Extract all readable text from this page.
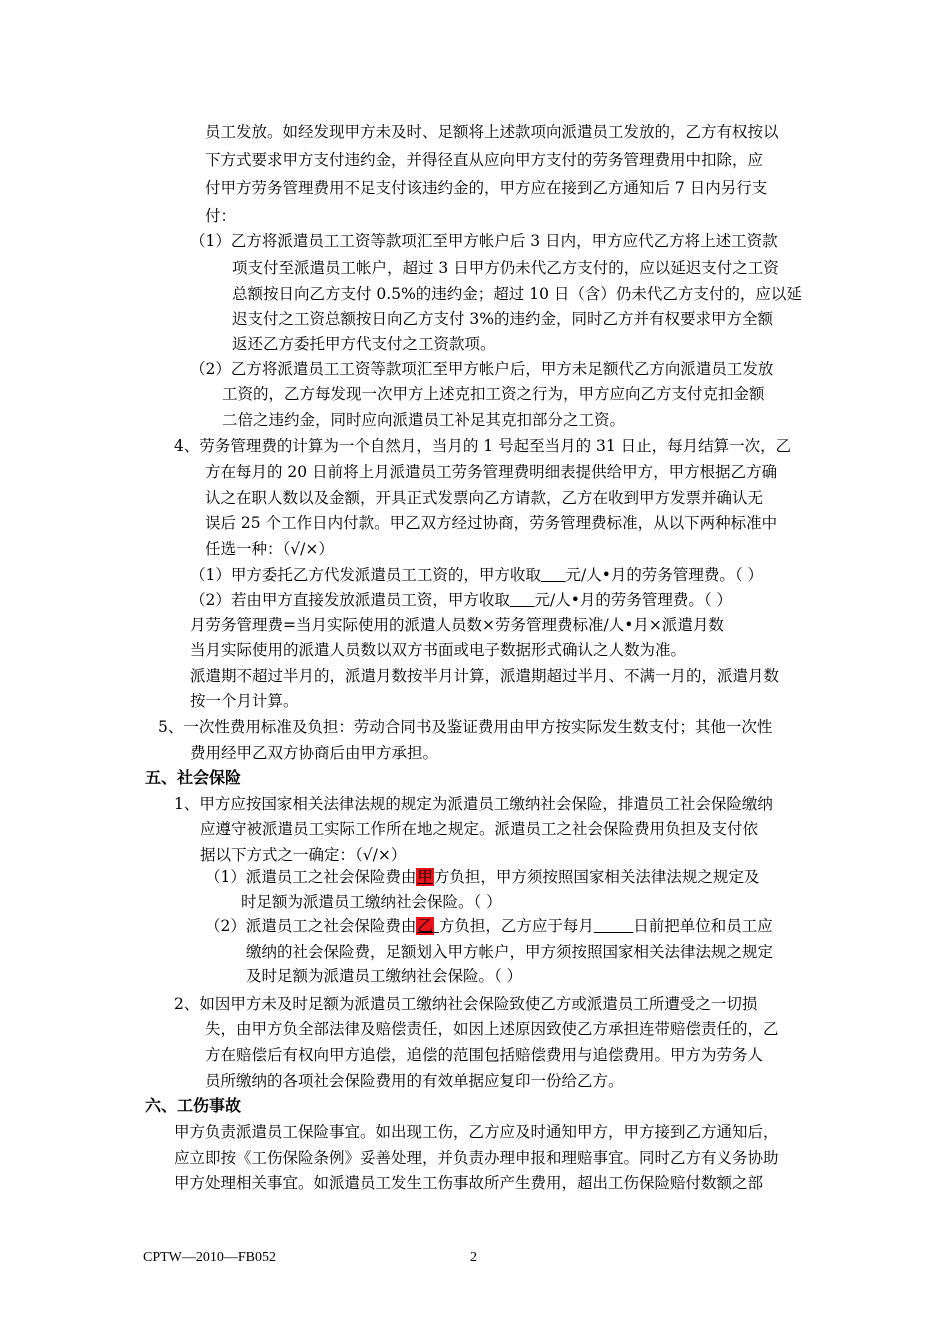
员工发放。如经发现甲方未及时、足额将上述款项向派遣员工发放的，乙方有权按以
下方式要求甲方支付违约金，并得径直从应向甲方支付的劳务管理费用中扣除，应
付甲方劳务管理费用不足支付该违约金的，甲方应在接到乙方通知后 7 日内另行支
付：
（1）乙方将派遣员工工资等款项汇至甲方帐户后 3 日内，甲方应代乙方将上述工资款
项支付至派遣员工帐户，超过 3 日甲方仍未代乙方支付的，应以延迟支付之工资
总额按日向乙方支付 0.5%的违约金；超过 10 日（含）仍未代乙方支付的，应以延
迟支付之工资总额按日向乙方支付 3%的违约金，同时乙方并有权要求甲方全额
返还乙方委托甲方代支付之工资款项。
（2）乙方将派遣员工工资等款项汇至甲方帐户后，甲方未足额代乙方向派遣员工发放
工资的，乙方每发现一次甲方上述克扣工资之行为，甲方应向乙方支付克扣金额
二倍之违约金，同时应向派遣员工补足其克扣部分之工资。
4、劳务管理费的计算为一个自然月，当月的 1 号起至当月的 31 日止，每月结算一次，乙
方在每月的 20 日前将上月派遣员工劳务管理费明细表提供给甲方，甲方根据乙方确
认之在职人数以及金额，开具正式发票向乙方请款，乙方在收到甲方发票并确认无
误后 25 个工作日内付款。甲乙双方经过协商，劳务管理费标准，从以下两种标准中
任选一种：（√/×）
（1）甲方委托乙方代发派遣员工工资的，甲方收取 元/人•月的劳务管理费。（ ）
（2）若由甲方直接发放派遣员工资，甲方收取 元/人•月的劳务管理费。（ ）
月劳务管理费=当月实际使用的派遣人员数×劳务管理费标准/人•月×派遣月数
当月实际使用的派遣人员数以双方书面或电子数据形式确认之人数为准。
派遣期不超过半月的，派遣月数按半月计算，派遣期超过半月、不满一月的，派遣月数
按一个月计算。
5、一次性费用标准及负担：劳动合同书及鉴证费用由甲方按实际发生数支付；其他一次性
费用经甲乙双方协商后由甲方承担。
五、社会保险
1、甲方应按国家相关法律法规的规定为派遣员工缴纳社会保险，排遣员工社会保险缴纳
应遵守被派遣员工实际工作所在地之规定。派遣员工之社会保险费用负担及支付依
据以下方式之一确定：（√/×）
（1）派遣员工之社会保险费由甲方负担，甲方须按照国家相关法律法规之规定及
时足额为派遣员工缴纳社会保险。（ ）
（2）派遣员工之社会保险费由乙 方负担，乙方应于每月	日前把单位和员工应
缴纳的社会保险费，足额划入甲方帐户，甲方须按照国家相关法律法规之规定
及时足额为派遣员工缴纳社会保险。（ ）
2、如因甲方未及时足额为派遣员工缴纳社会保险致使乙方或派遣员工所遭受之一切损
失，由甲方负全部法律及赔偿责任，如因上述原因致使乙方承担连带赔偿责任的，乙
方在赔偿后有权向甲方追偿，追偿的范围包括赔偿费用与追偿费用。甲方为劳务人
员所缴纳的各项社会保险费用的有效单据应复印一份给乙方。
六、工伤事故
甲方负责派遣员工保险事宜。如出现工伤，乙方应及时通知甲方，甲方接到乙方通知后，
应立即按《工伤保险条例》妥善处理，并负责办理申报和理赔事宜。同时乙方有义务协助
甲方处理相关事宜。如派遣员工发生工伤事故所产生费用，超出工伤保险赔付数额之部
CPTW—2010—FB052	2
